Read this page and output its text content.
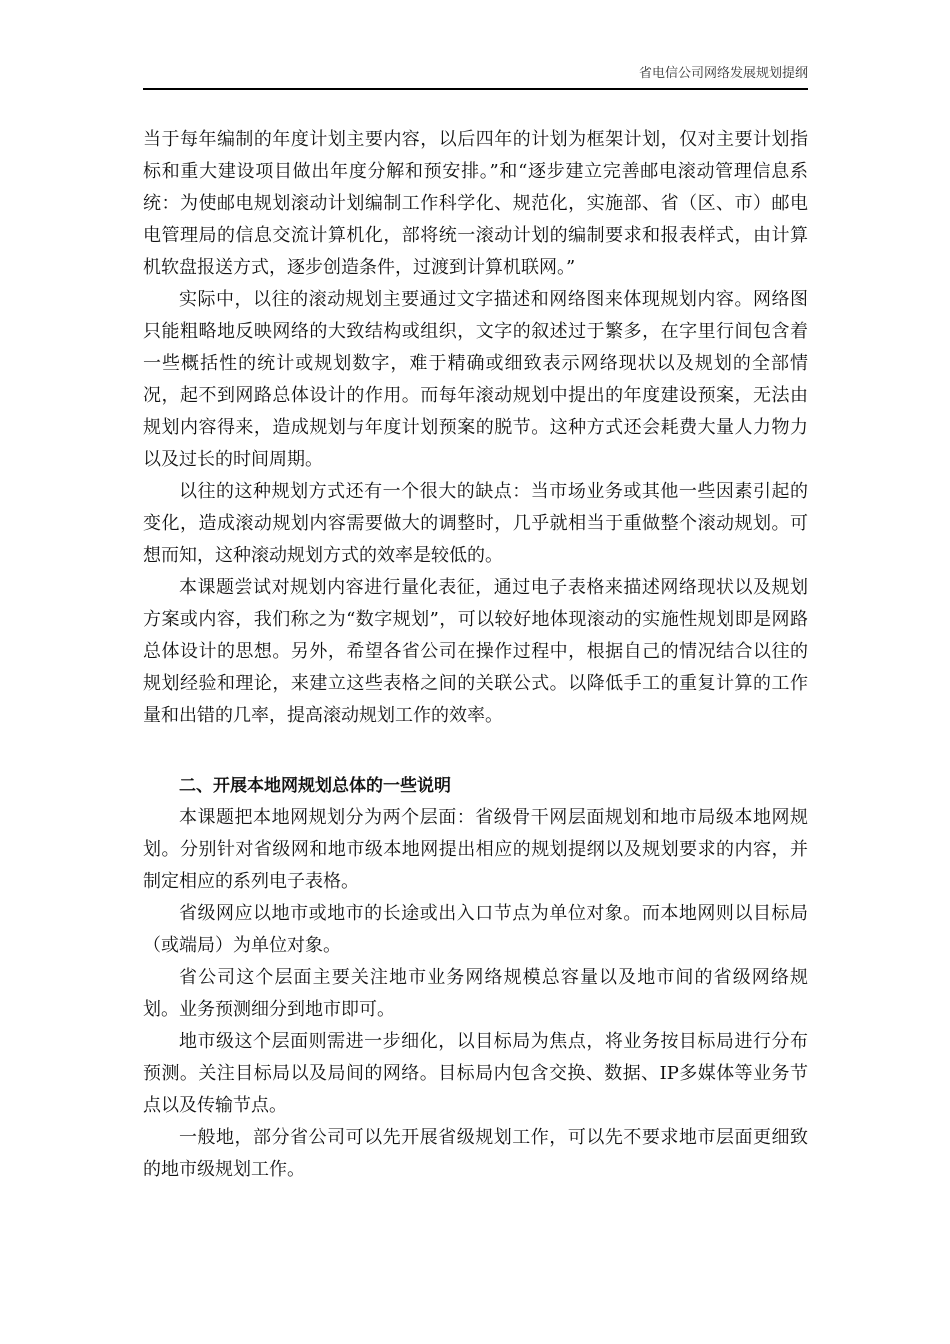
省电信公司网络发展规划提纲

当于每年编制的年度计划主要内容，以后四年的计划为框架计划，仅对主要计划指标和重大建设项目做出年度分解和预安排。”和“逐步建立完善邮电滚动管理信息系统：为使邮电规划滚动计划编制工作科学化、规范化，实施部、省（区、市）邮电电管理局的信息交流计算机化，部将统一滚动计划的编制要求和报表样式，由计算机软盘报送方式，逐步创造条件，过渡到计算机联网。”

实际中，以往的滚动规划主要通过文字描述和网络图来体现规划内容。网络图只能粗略地反映网络的大致结构或组织，文字的叙述过于繁多，在字里行间包含着一些概括性的统计或规划数字，难于精确或细致表示网络现状以及规划的全部情况，起不到网路总体设计的作用。而每年滚动规划中提出的年度建设预案，无法由规划内容得来，造成规划与年度计划预案的脱节。这种方式还会耗费大量人力物力以及过长的时间周期。

以往的这种规划方式还有一个很大的缺点：当市场业务或其他一些因素引起的变化，造成滚动规划内容需要做大的调整时，几乎就相当于重做整个滚动规划。可想而知，这种滚动规划方式的效率是较低的。

本课题尝试对规划内容进行量化表征，通过电子表格来描述网络现状以及规划方案或内容，我们称之为“数字规划”，可以较好地体现滚动的实施性规划即是网路总体设计的思想。另外，希望各省公司在操作过程中，根据自己的情况结合以往的规划经验和理论，来建立这些表格之间的关联公式。以降低手工的重复计算的工作量和出错的几率，提高滚动规划工作的效率。

二、开展本地网规划总体的一些说明

本课题把本地网规划分为两个层面：省级骨干网层面规划和地市局级本地网规划。分别针对省级网和地市级本地网提出相应的规划提纲以及规划要求的内容，并制定相应的系列电子表格。

省级网应以地市或地市的长途或出入口节点为单位对象。而本地网则以目标局（或端局）为单位对象。

省公司这个层面主要关注地市业务网络规模总容量以及地市间的省级网络规划。业务预测细分到地市即可。

地市级这个层面则需进一步细化，以目标局为焦点，将业务按目标局进行分布预测。关注目标局以及局间的网络。目标局内包含交换、数据、IP多媒体等业务节点以及传输节点。

一般地，部分省公司可以先开展省级规划工作，可以先不要求地市层面更细致的地市级规划工作。
